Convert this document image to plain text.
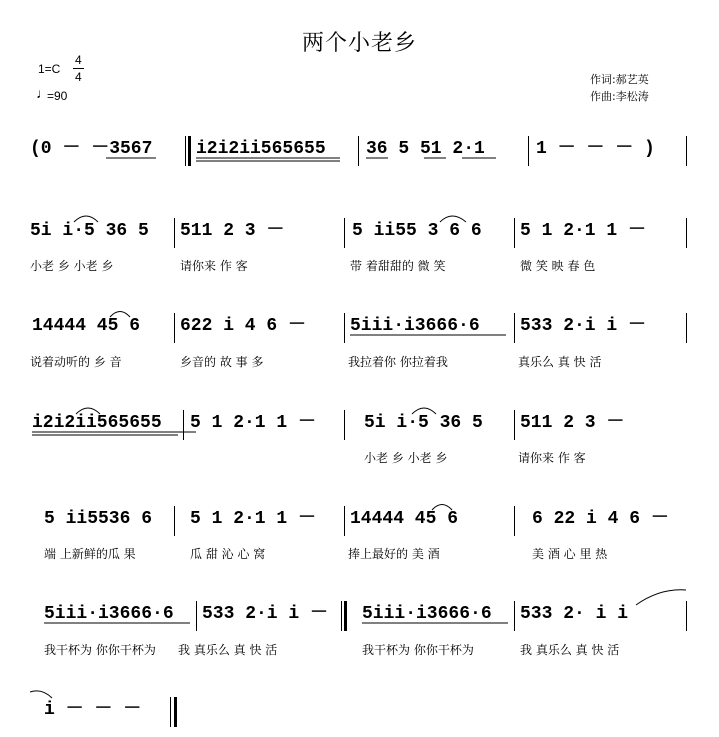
两个小老乡
1=C
4
4
♩
=90
作词:郝艺英
作曲:李松涛
(0 － －3567 i2i2ii565655 36 5 51 2·1	1 － － － )
5i i·5 36 5 511 2 3 －	5 ii55 3 6 6 5 1 2·1 1 －
小老 乡 小老 乡	请你来 作 客	带 着甜甜的 微 笑	微 笑 映 春 色
14444 45 6 622 i 4 6 － 5iii·i3666·6 533 2·i i －
说着动听的 乡 音	乡音的 故 事 多	我拉着你 你拉着我	真乐么 真 快 活
i2i2ii565655 5 1 2·1 1 －	5i i·5 36 5 511 2 3 －
小老 乡 小老 乡	请你来 作 客
5 ii5536 6 5 1 2·1 1 － 14444 45 6	6 22 i 4 6 －
端 上新鲜的瓜 果	瓜 甜 沁 心 窝	捧上最好的 美 酒	美 酒 心 里 热
5iii·i3666·6 533 2·i i － 5iii·i3666·6 533 2· i i
我干杯为 你你干杯为 我 真乐么 真 快 活	我干杯为 你你干杯为	我 真乐么 真 快 活
i － － －
